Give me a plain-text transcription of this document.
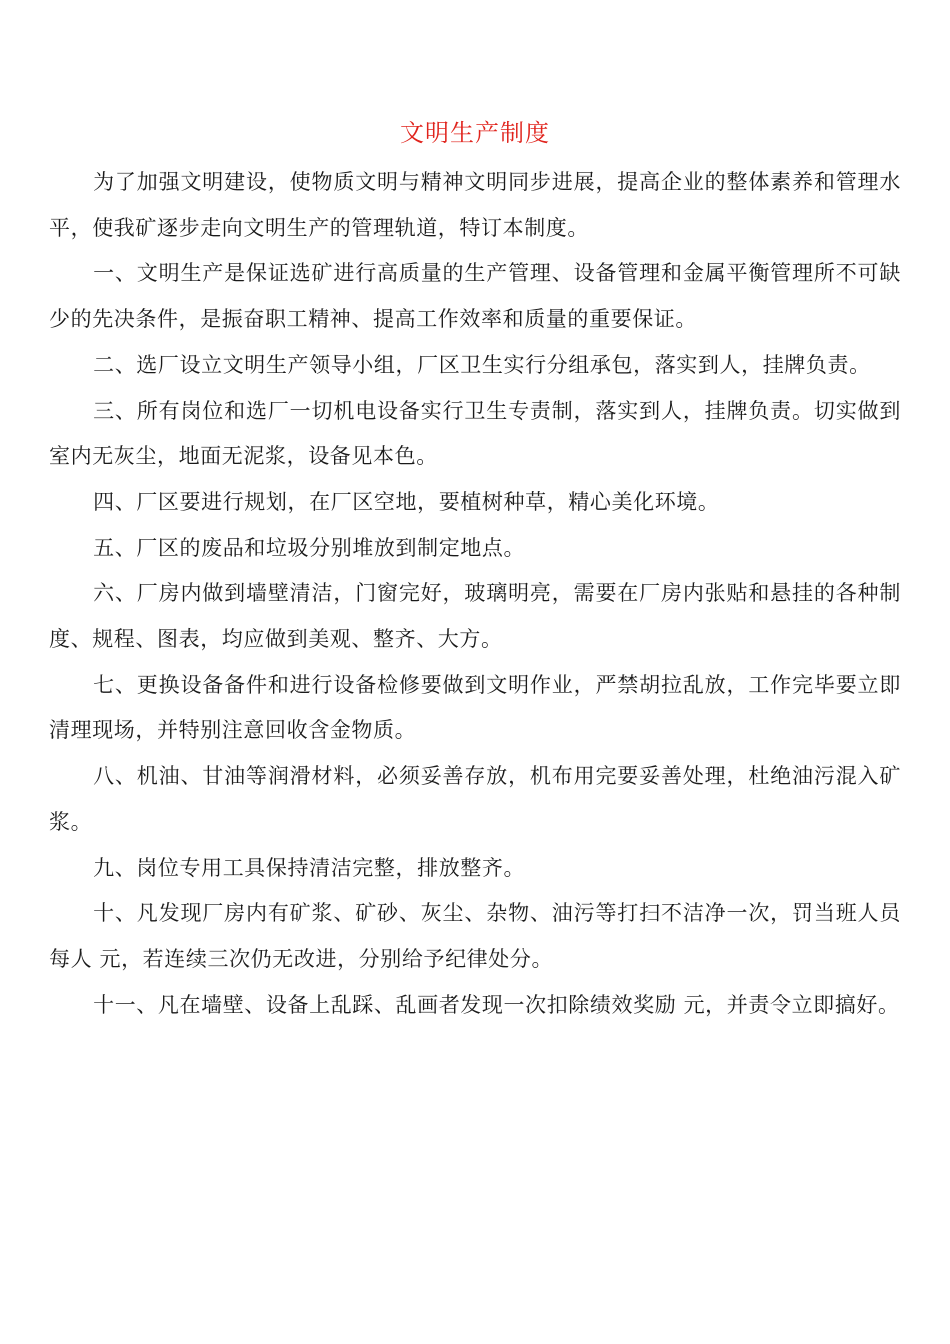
文明生产制度

为了加强文明建设，使物质文明与精神文明同步进展，提高企业的整体素养和管理水平，使我矿逐步走向文明生产的管理轨道，特订本制度。

一、文明生产是保证选矿进行高质量的生产管理、设备管理和金属平衡管理所不可缺少的先决条件，是振奋职工精神、提高工作效率和质量的重要保证。

二、选厂设立文明生产领导小组，厂区卫生实行分组承包，落实到人，挂牌负责。

三、所有岗位和选厂一切机电设备实行卫生专责制，落实到人，挂牌负责。切实做到室内无灰尘，地面无泥浆，设备见本色。

四、厂区要进行规划，在厂区空地，要植树种草，精心美化环境。

五、厂区的废品和垃圾分别堆放到制定地点。

六、厂房内做到墙壁清洁，门窗完好，玻璃明亮，需要在厂房内张贴和悬挂的各种制度、规程、图表，均应做到美观、整齐、大方。

七、更换设备备件和进行设备检修要做到文明作业，严禁胡拉乱放，工作完毕要立即清理现场，并特别注意回收含金物质。

八、机油、甘油等润滑材料，必须妥善存放，机布用完要妥善处理，杜绝油污混入矿浆。

九、岗位专用工具保持清洁完整，排放整齐。

十、凡发现厂房内有矿浆、矿砂、灰尘、杂物、油污等打扫不洁净一次，罚当班人员每人 元，若连续三次仍无改进，分别给予纪律处分。

十一、凡在墙壁、设备上乱踩、乱画者发现一次扣除绩效奖励 元，并责令立即搞好。
